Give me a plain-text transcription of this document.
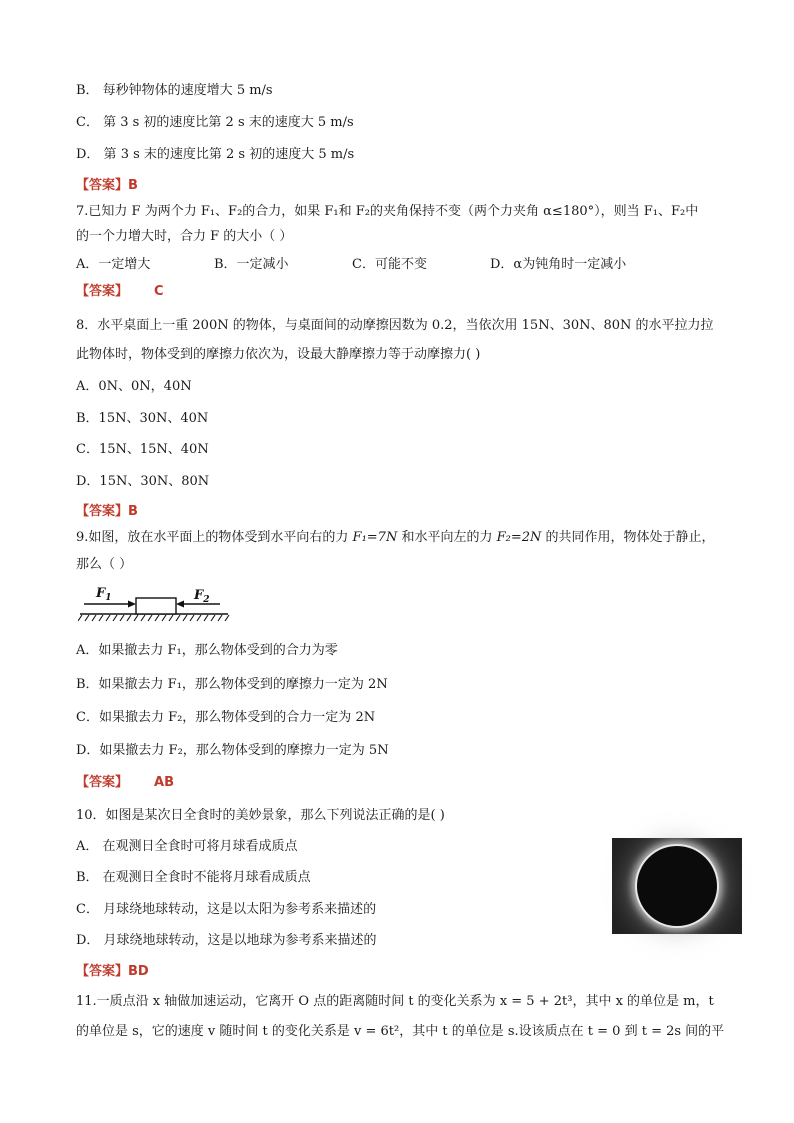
B． 每秒钟物体的速度增大 5 m/s
C． 第 3 s 初的速度比第 2 s 末的速度大 5 m/s
D． 第 3 s 末的速度比第 2 s 初的速度大 5 m/s
【答案】B
7.已知力 F 为两个力 F₁、F₂的合力，如果 F₁和 F₂的夹角保持不变（两个力夹角 α≤180°），则当 F₁、F₂中
的一个力增大时，合力 F 的大小（ ）
A．一定增大	B．一定减小	C．可能不变	D．α为钝角时一定减小
【答案】 C
8．水平桌面上一重 200N 的物体，与桌面间的动摩擦因数为 0.2，当依次用 15N、30N、80N 的水平拉力拉
此物体时，物体受到的摩擦力依次为，设最大静摩擦力等于动摩擦力( )
A．0N、0N，40N
B．15N、30N、40N
C．15N、15N、40N
D．15N、30N、80N
【答案】B
9.如图，放在水平面上的物体受到水平向右的力 F₁=7N 和水平向左的力 F₂=2N 的共同作用，物体处于静止，
那么（ ）
$F_1$	$F_2$
A．如果撤去力 F₁，那么物体受到的合力为零
B．如果撤去力 F₁，那么物体受到的摩擦力一定为 2N
C．如果撤去力 F₂，那么物体受到的合力一定为 2N
D．如果撤去力 F₂，那么物体受到的摩擦力一定为 5N
【答案】 AB
10．如图是某次日全食时的美妙景象，那么下列说法正确的是( )
A． 在观测日全食时可将月球看成质点
B． 在观测日全食时不能将月球看成质点
C． 月球绕地球转动，这是以太阳为参考系来描述的
D． 月球绕地球转动，这是以地球为参考系来描述的
【答案】BD
11.一质点沿 x 轴做加速运动，它离开 O 点的距离随时间 t 的变化关系为 x = 5 + 2t³，其中 x 的单位是 m，t
的单位是 s，它的速度 v 随时间 t 的变化关系是 v = 6t²，其中 t 的单位是 s.设该质点在 t = 0 到 t = 2s 间的平
